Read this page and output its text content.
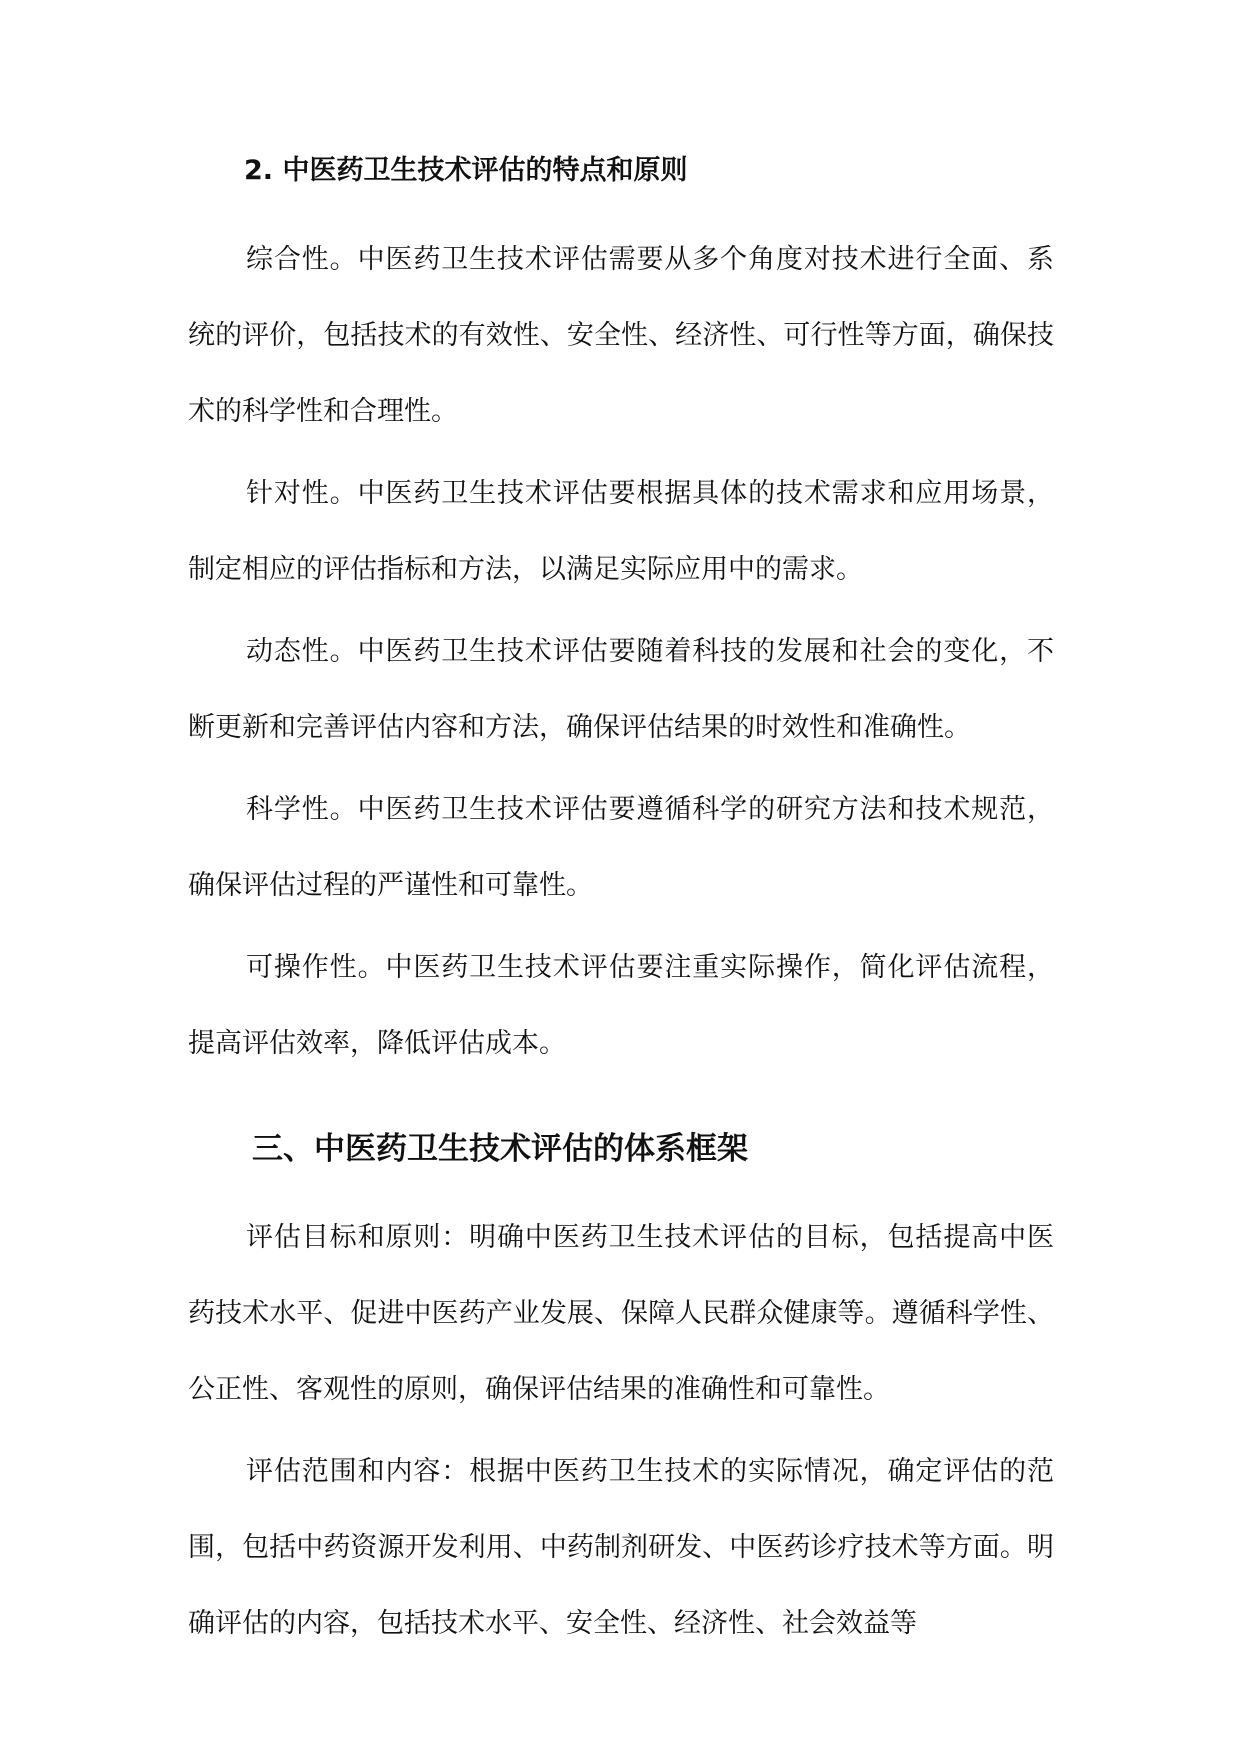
2. 中医药卫生技术评估的特点和原则

综合性。中医药卫生技术评估需要从多个角度对技术进行全面、系统的评价，包括技术的有效性、安全性、经济性、可行性等方面，确保技术的科学性和合理性。

针对性。中医药卫生技术评估要根据具体的技术需求和应用场景，制定相应的评估指标和方法，以满足实际应用中的需求。

动态性。中医药卫生技术评估要随着科技的发展和社会的变化，不断更新和完善评估内容和方法，确保评估结果的时效性和准确性。

科学性。中医药卫生技术评估要遵循科学的研究方法和技术规范，确保评估过程的严谨性和可靠性。

可操作性。中医药卫生技术评估要注重实际操作，简化评估流程，提高评估效率，降低评估成本。

三、中医药卫生技术评估的体系框架

评估目标和原则：明确中医药卫生技术评估的目标，包括提高中医药技术水平、促进中医药产业发展、保障人民群众健康等。遵循科学性、公正性、客观性的原则，确保评估结果的准确性和可靠性。

评估范围和内容：根据中医药卫生技术的实际情况，确定评估的范围，包括中药资源开发利用、中药制剂研发、中医药诊疗技术等方面。明确评估的内容，包括技术水平、安全性、经济性、社会效益等
